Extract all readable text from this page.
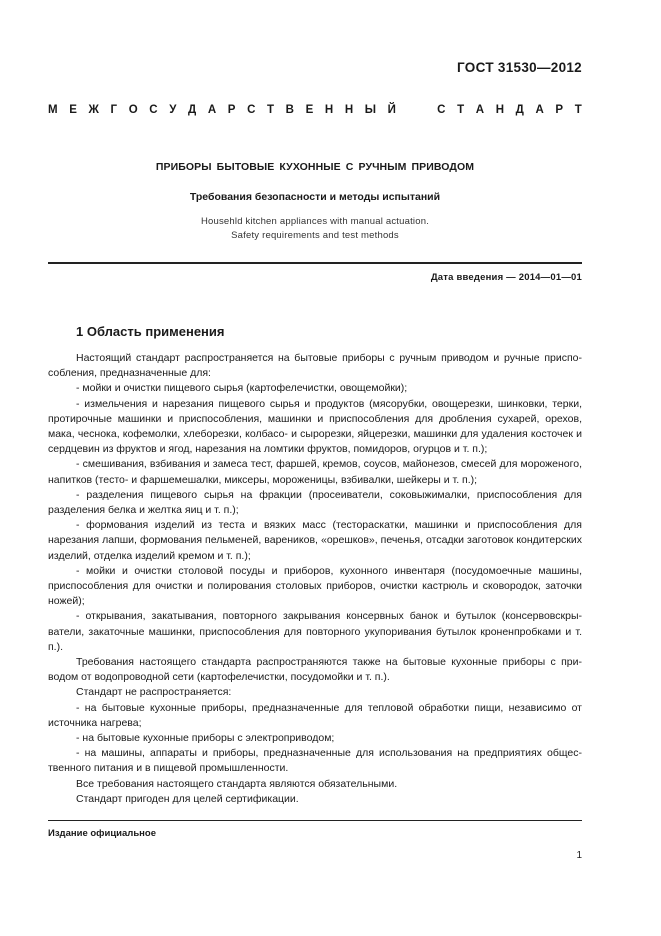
ГОСТ 31530—2012
М Е Ж Г О С У Д А Р С Т В Е Н Н Ы Й	С Т А Н Д А Р Т
ПРИБОРЫ БЫТОВЫЕ КУХОННЫЕ С РУЧНЫМ ПРИВОДОМ
Требования безопасности и методы испытаний
Househld kitchen appliances with manual actuation.
Safety requirements and test methods
Дата введения — 2014—01—01
1 Область применения

Настоящий стандарт распространяется на бытовые приборы с ручным приводом и ручные приспособления, предназначенные для:

- мойки и очистки пищевого сырья (картофелечистки, овощемойки);

- измельчения и нарезания пищевого сырья и продуктов (мясорубки, овощерезки, шинковки, терки, протирочные машинки и приспособления, машинки и приспособления для дробления сухарей, орехов, мака, чеснока, кофемолки, хлеборезки, колбасо- и сырорезки, яйцерезки, машинки для удаления косточек и сердцевин из фруктов и ягод, нарезания на ломтики фруктов, помидоров, огурцов и т. п.);

- смешивания, взбивания и замеса тест, фаршей, кремов, соусов, майонезов, смесей для мороженого, напитков (тесто- и фаршемешалки, миксеры, мороженицы, взбивалки, шейкеры и т. п.);

- разделения пищевого сырья на фракции (просеиватели, соковыжималки, приспособления для разделения белка и желтка яиц и т. п.);

- формования изделий из теста и вязких масс (тестораскатки, машинки и приспособления для нарезания лапши, формования пельменей, вареников, «орешков», печенья, отсадки заготовок кондитерских изделий, отделка изделий кремом и т. п.);

- мойки и очистки столовой посуды и приборов, кухонного инвентаря (посудомоечные машины, приспособления для очистки и полирования столовых приборов, очистки кастрюль и сковородок, заточки ножей);

- открывания, закатывания, повторного закрывания консервных банок и бутылок (консервовскрыватели, закаточные машинки, приспособления для повторного укупоривания бутылок кроненпробками и т. п.).

Требования настоящего стандарта распространяются также на бытовые кухонные приборы с приводом от водопроводной сети (картофелечистки, посудомойки и т. п.).

Стандарт не распространяется:

- на бытовые кухонные приборы, предназначенные для тепловой обработки пищи, независимо от источника нагрева;

- на бытовые кухонные приборы с электроприводом;

- на машины, аппараты и приборы, предназначенные для использования на предприятиях общественного питания и в пищевой промышленности.

Все требования настоящего стандарта являются обязательными.

Стандарт пригоден для целей сертификации.

Издание официальное
1
